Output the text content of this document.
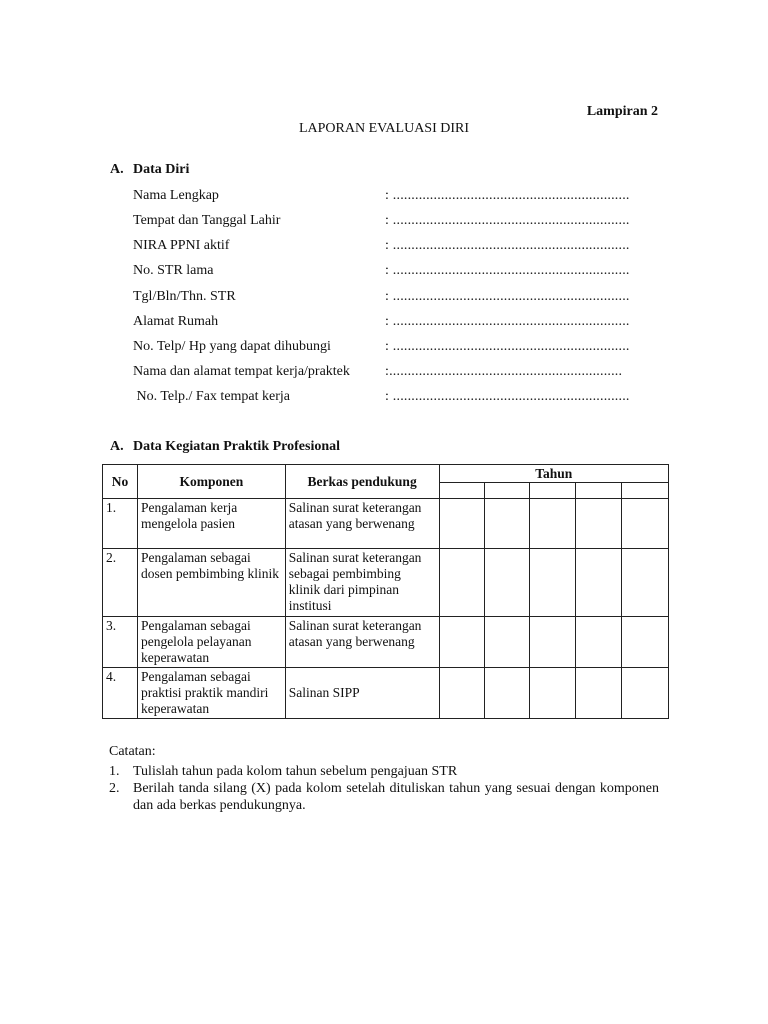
Lampiran 2
LAPORAN EVALUASI DIRI
A. Data Diri
Nama Lengkap	: ................................................................
Tempat dan Tanggal Lahir	: ................................................................
NIRA PPNI aktif	: ................................................................
No. STR lama	: ................................................................
Tgl/Bln/Thn. STR	: ................................................................
Alamat Rumah	: ................................................................
No. Telp/ Hp yang dapat dihubungi	: ................................................................
Nama dan alamat tempat kerja/praktek	:...............................................................
No. Telp./ Fax tempat kerja	: ................................................................
A. Data Kegiatan Praktik Profesional
No	Komponen	Berkas pendukung	Tahun				

1.	Pengalaman kerja mengelola pasien	Salinan surat keterangan atasan yang berwenang					
2.	Pengalaman sebagai dosen pembimbing klinik	Salinan surat keterangan sebagai pembimbing klinik dari pimpinan institusi					
3.	Pengalaman sebagai pengelola pelayanan keperawatan	Salinan surat keterangan atasan yang berwenang					
4.	Pengalaman sebagai praktisi praktik mandiri keperawatan	Salinan SIPP					
Catatan:
1. Tulislah tahun pada kolom tahun sebelum pengajuan STR
2. Berilah tanda silang (X) pada kolom setelah dituliskan tahun yang sesuai dengan komponen dan ada berkas pendukungnya.
